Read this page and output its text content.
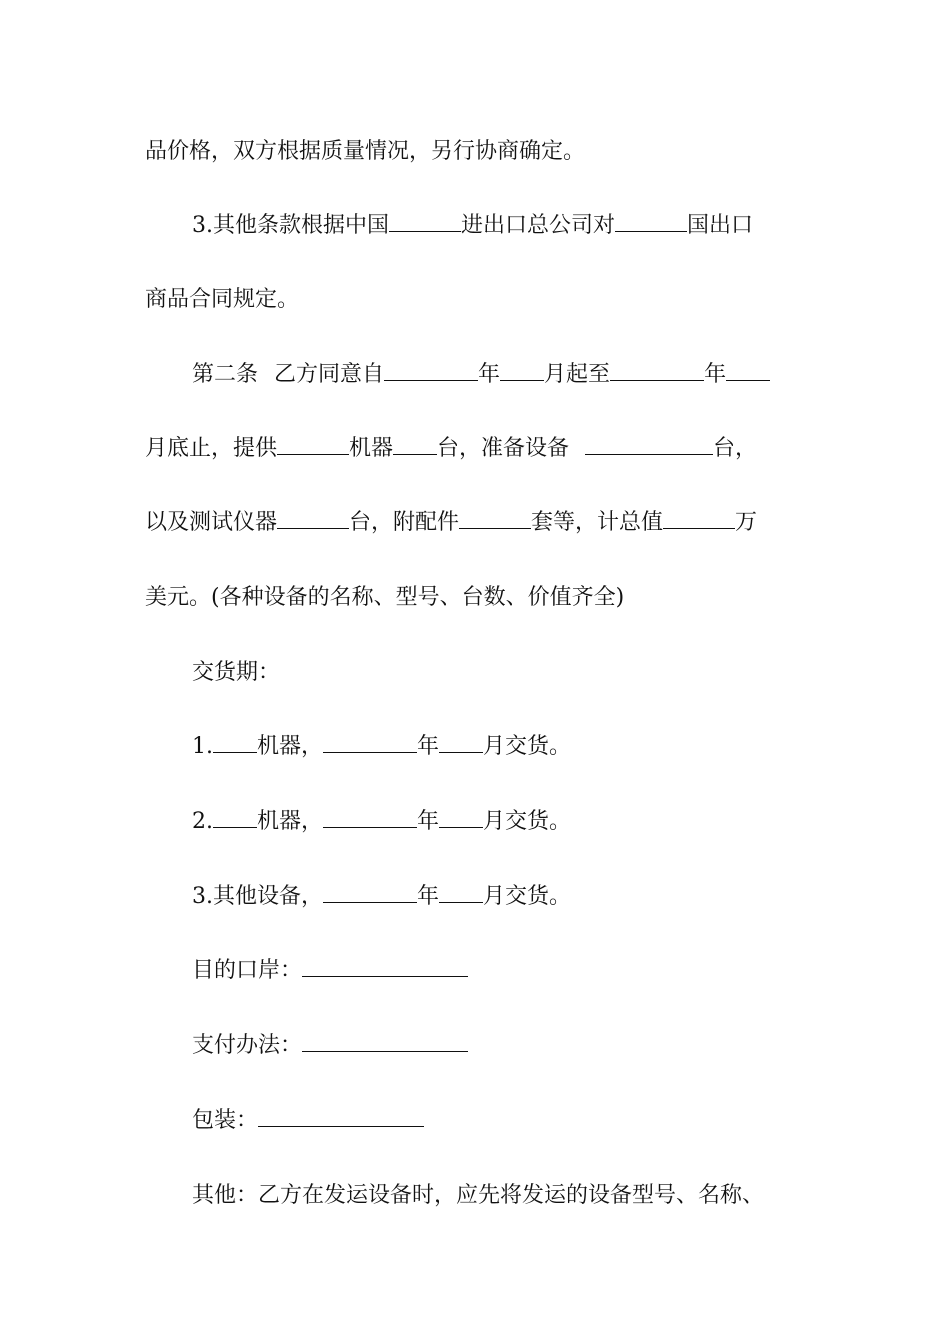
品价格，双方根据质量情况，另行协商确定。
3.其他条款根据中国	进出口总公司对	国出口
商品合同规定。
第二条 乙方同意自	年 月起至	年
月底止，提供	机器 台，准备设备	台，
以及测试仪器	台，附配件	套等，计总值	万
美元。(各种设备的名称、型号、台数、价值齐全)
交货期：
1. 机器，	年 月交货。
2. 机器，	年 月交货。
3.其他设备，	年 月交货。
目的口岸：
支付办法：
包装：
其他：乙方在发运设备时，应先将发运的设备型号、名称、
